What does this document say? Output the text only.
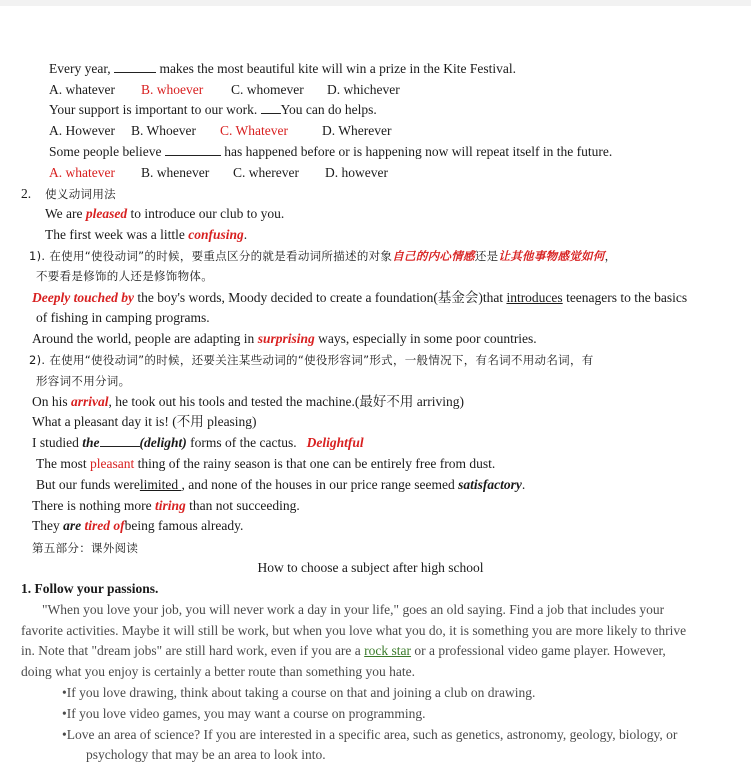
Every year,	makes the most beautiful kite will win a prize in the Kite Festival.
A. whatever B. whoever C. whomever D. whichever
Your support is important to our work. You can do helps.
A. However B. Whoever C. Whatever	D. Wherever
Some people believe	has happened before or is happening now will repeat itself in the future.
A. whatever B. whenever C. wherever D. however
2. 使义动词用法
We are pleased to introduce our club to you.
The first week was a little confusing.
1). 在使用“使役动词”的时候，要重点区分的就是看动词所描述的对象自己的内心情感还是让其他事物感觉如何，
不要看是修饰的人还是修饰物体。
Deeply touched by the boy's words, Moody decided to create a foundation(基金会)that introduces teenagers to the basics
of fishing in camping programs.
Around the world, people are adapting in surprising ways, especially in some poor countries.
2). 在使用“使役动词”的时候，还要关注某些动词的“使役形容词”形式，一般情况下，有名词不用动名词，有
形容词不用分词。
On his arrival, he took out his tools and tested the machine.(最好不用 arriving)
What a pleasant day it is! (不用 pleasing)
I studied the	(delight) forms of the cactus. Delightful
The most pleasant thing of the rainy season is that one can be entirely free from dust.
But our funds werelimited , and none of the houses in our price range seemed satisfactory.
There is nothing more tiring than not succeeding.
They are tired ofbeing famous already.
第五部分：课外阅读
How to choose a subject after high school
1. Follow your passions.
"When you love your job, you will never work a day in your life," goes an old saying. Find a job that includes your
favorite activities. Maybe it will still be work, but when you love what you do, it is something you are more likely to thrive
in. Note that "dream jobs" are still hard work, even if you are a rock star or a professional video game player. However,
doing what you enjoy is certainly a better route than something you hate.
•If you love drawing, think about taking a course on that and joining a club on drawing.
•If you love video games, you may want a course on programming.
•Love an area of science? If you are interested in a specific area, such as genetics, astronomy, geology, biology, or
psychology that may be an area to look into.
